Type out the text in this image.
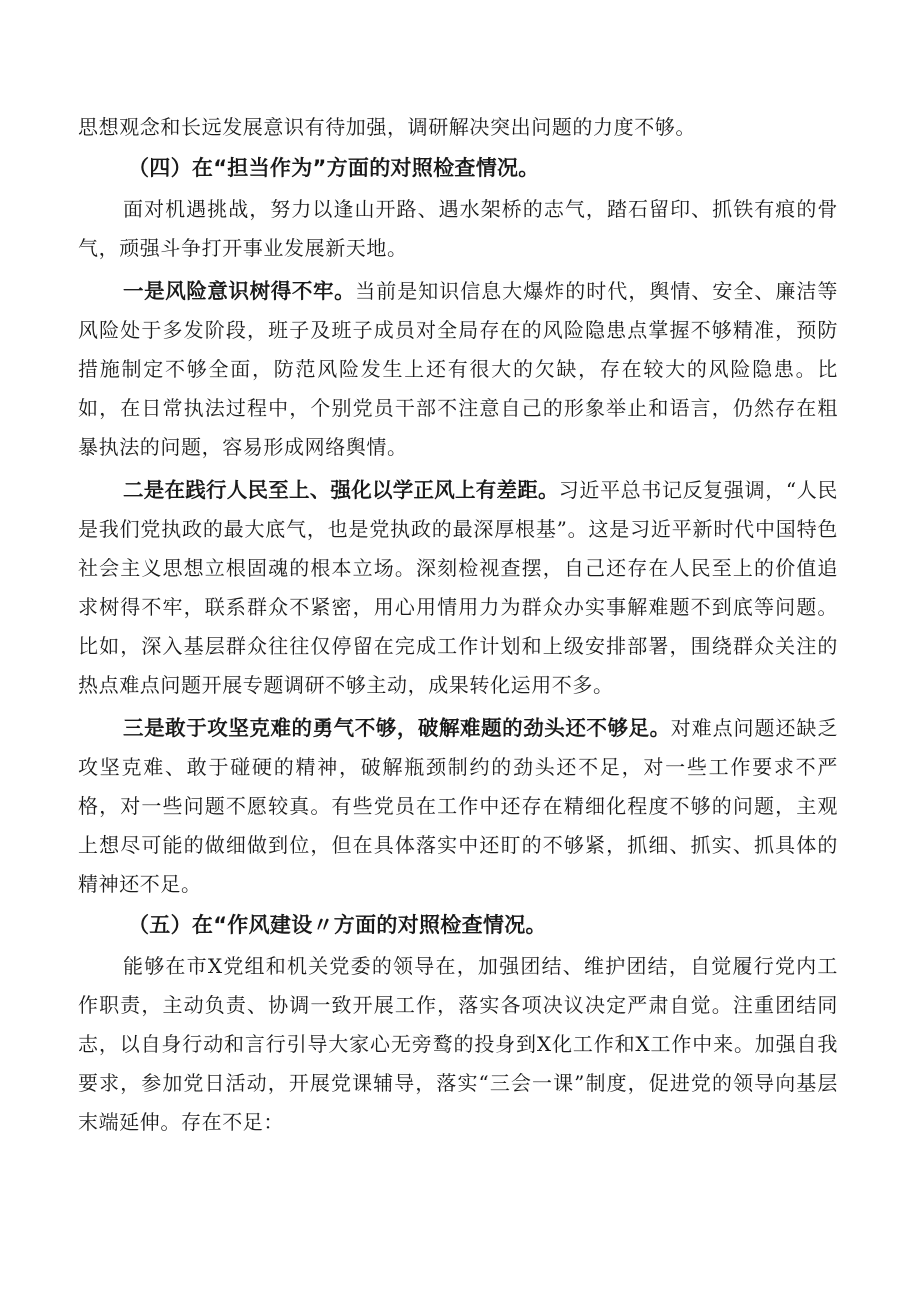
思想观念和长远发展意识有待加强，调研解决突出问题的力度不够。

（四）在“担当作为”方面的对照检查情况。

面对机遇挑战，努力以逢山开路、遇水架桥的志气，踏石留印、抓铁有痕的骨气，顽强斗争打开事业发展新天地。

一是风险意识树得不牢。当前是知识信息大爆炸的时代，舆情、安全、廉洁等风险处于多发阶段，班子及班子成员对全局存在的风险隐患点掌握不够精准，预防措施制定不够全面，防范风险发生上还有很大的欠缺，存在较大的风险隐患。比如，在日常执法过程中，个别党员干部不注意自己的形象举止和语言，仍然存在粗暴执法的问题，容易形成网络舆情。

二是在践行人民至上、强化以学正风上有差距。习近平总书记反复强调，“人民是我们党执政的最大底气，也是党执政的最深厚根基”。这是习近平新时代中国特色社会主义思想立根固魂的根本立场。深刻检视查摆，自己还存在人民至上的价值追求树得不牢，联系群众不紧密，用心用情用力为群众办实事解难题不到底等问题。比如，深入基层群众往往仅停留在完成工作计划和上级安排部署，围绕群众关注的热点难点问题开展专题调研不够主动，成果转化运用不多。

三是敢于攻坚克难的勇气不够，破解难题的劲头还不够足。对难点问题还缺乏攻坚克难、敢于碰硬的精神，破解瓶颈制约的劲头还不足，对一些工作要求不严格，对一些问题不愿较真。有些党员在工作中还存在精细化程度不够的问题，主观上想尽可能的做细做到位，但在具体落实中还盯的不够紧，抓细、抓实、抓具体的精神还不足。

（五）在“作风建设〃方面的对照检查情况。

能够在市X党组和机关党委的领导在，加强团结、维护团结，自觉履行党内工作职责，主动负责、协调一致开展工作，落实各项决议决定严肃自觉。注重团结同志，以自身行动和言行引导大家心无旁鹜的投身到X化工作和X工作中来。加强自我要求，参加党日活动，开展党课辅导，落实“三会一课”制度，促进党的领导向基层末端延伸。存在不足：
